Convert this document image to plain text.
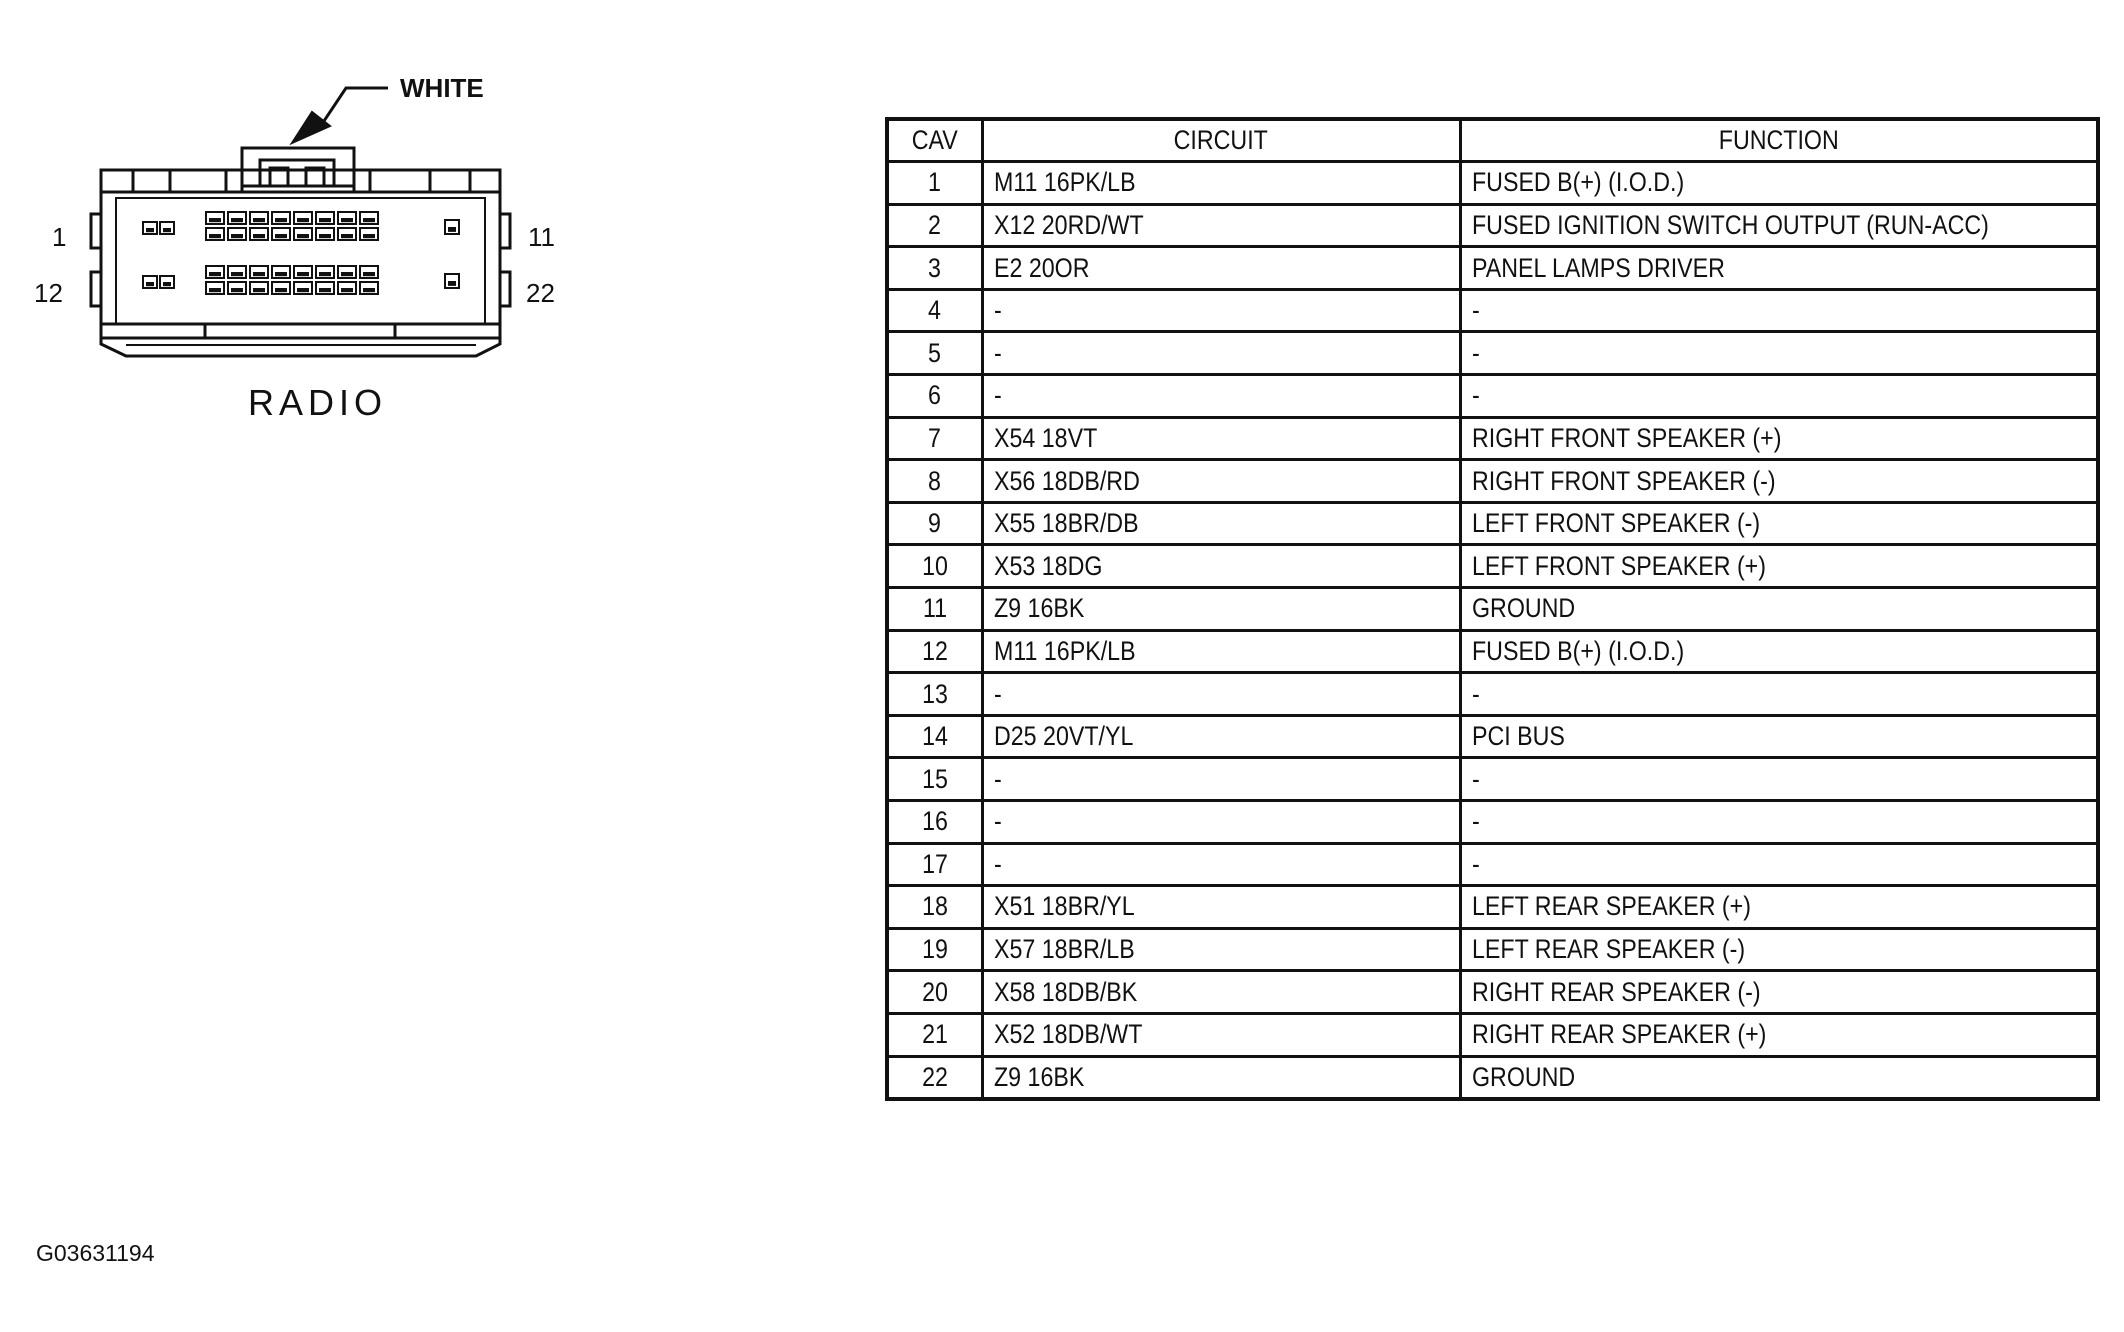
WHITE
1
12
11
22
RADIO
CAV	CIRCUIT	FUNCTION
1	M11 16PK/LB	FUSED B(+) (I.O.D.)
2	X12 20RD/WT	FUSED IGNITION SWITCH OUTPUT (RUN-ACC)
3	E2 20OR	PANEL LAMPS DRIVER
4	-	-
5	-	-
6	-	-
7	X54 18VT	RIGHT FRONT SPEAKER (+)
8	X56 18DB/RD	RIGHT FRONT SPEAKER (-)
9	X55 18BR/DB	LEFT FRONT SPEAKER (-)
10	X53 18DG	LEFT FRONT SPEAKER (+)
11	Z9 16BK	GROUND
12	M11 16PK/LB	FUSED B(+) (I.O.D.)
13	-	-
14	D25 20VT/YL	PCI BUS
15	-	-
16	-	-
17	-	-
18	X51 18BR/YL	LEFT REAR SPEAKER (+)
19	X57 18BR/LB	LEFT REAR SPEAKER (-)
20	X58 18DB/BK	RIGHT REAR SPEAKER (-)
21	X52 18DB/WT	RIGHT REAR SPEAKER (+)
22	Z9 16BK	GROUND
G03631194
